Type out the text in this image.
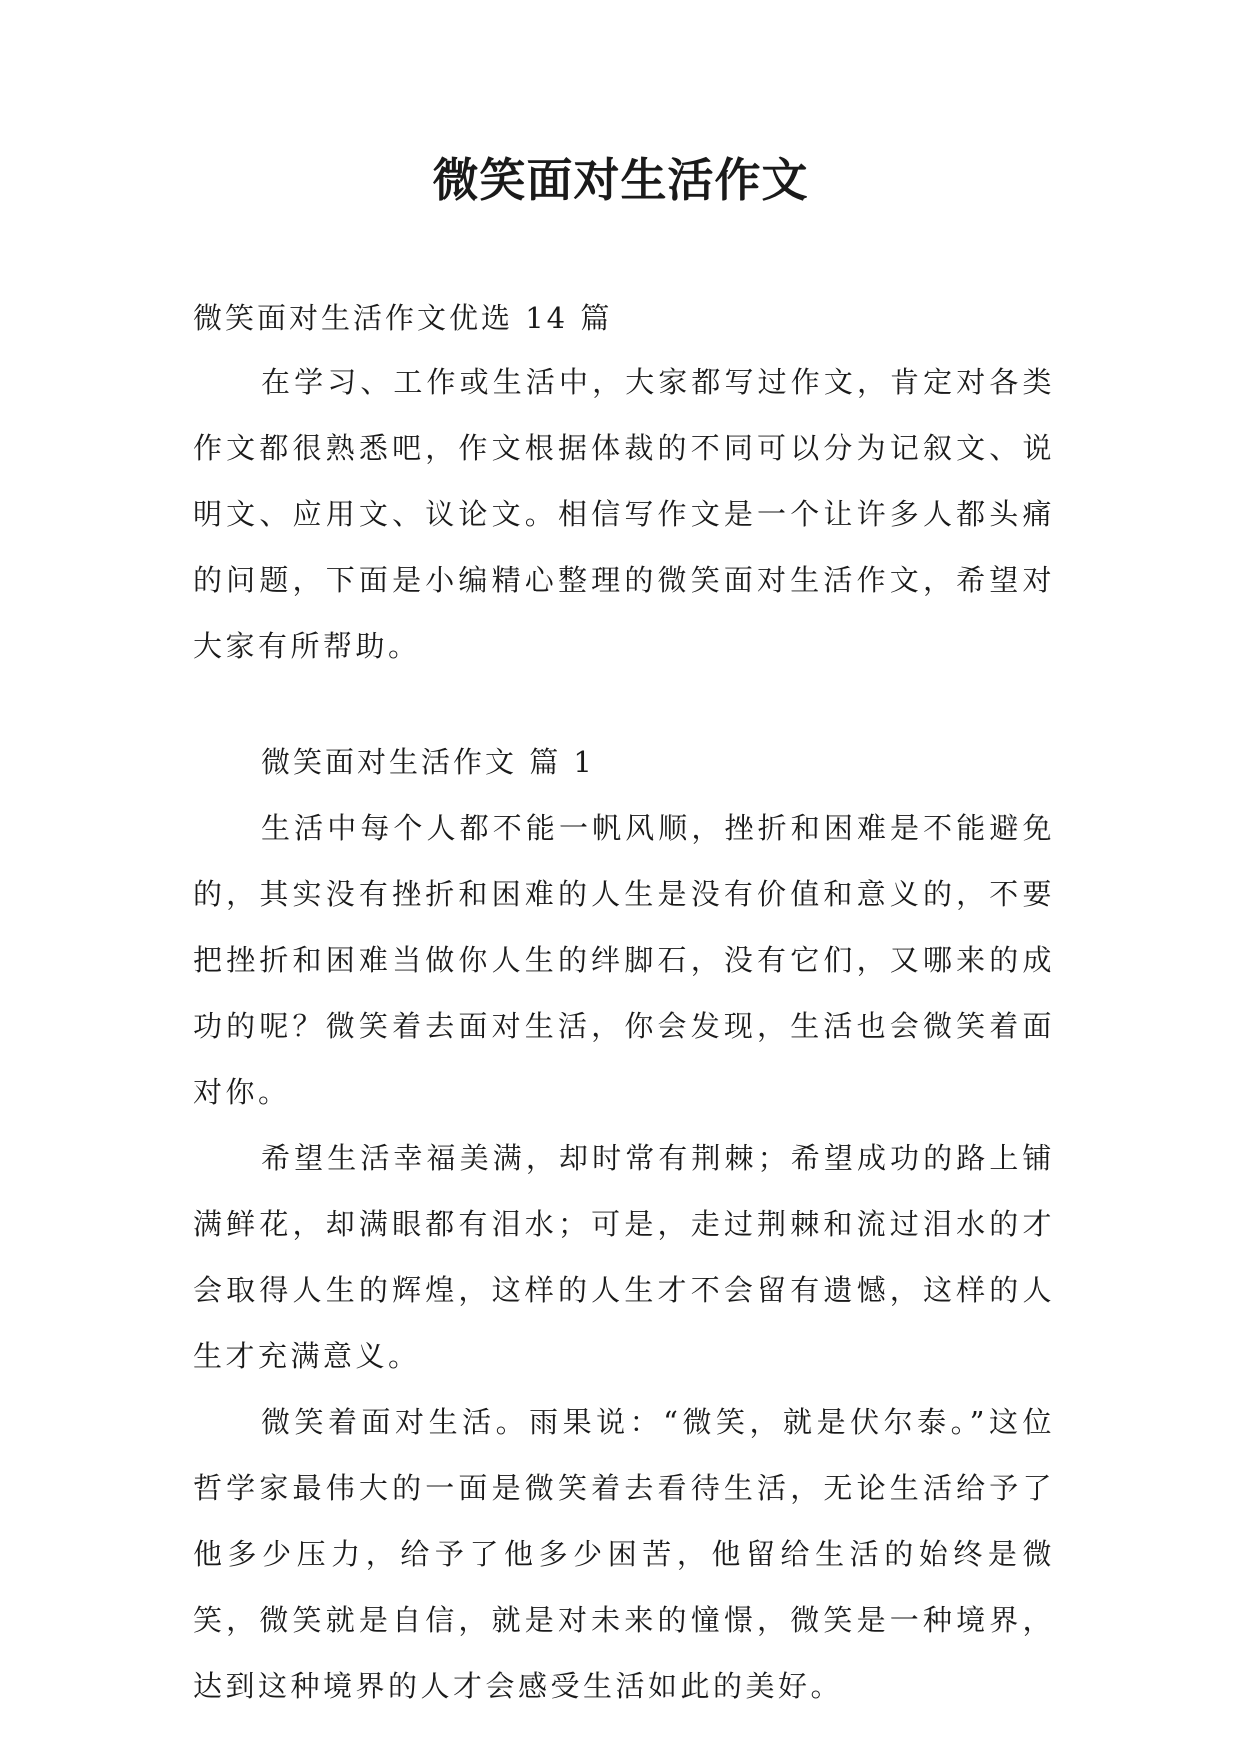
微笑面对生活作文

微笑面对生活作文优选 14 篇

在学习、工作或生活中，大家都写过作文，肯定对各类作文都很熟悉吧，作文根据体裁的不同可以分为记叙文、说明文、应用文、议论文。相信写作文是一个让许多人都头痛的问题，下面是小编精心整理的微笑面对生活作文，希望对大家有所帮助。

微笑面对生活作文 篇 1

生活中每个人都不能一帆风顺，挫折和困难是不能避免的，其实没有挫折和困难的人生是没有价值和意义的，不要把挫折和困难当做你人生的绊脚石，没有它们，又哪来的成功的呢？微笑着去面对生活，你会发现，生活也会微笑着面对你。

希望生活幸福美满，却时常有荆棘；希望成功的路上铺满鲜花，却满眼都有泪水；可是，走过荆棘和流过泪水的才会取得人生的辉煌，这样的人生才不会留有遗憾，这样的人生才充满意义。

微笑着面对生活。雨果说：“微笑，就是伏尔泰。”这位哲学家最伟大的一面是微笑着去看待生活，无论生活给予了他多少压力，给予了他多少困苦，他留给生活的始终是微笑，微笑就是自信，就是对未来的憧憬，微笑是一种境界，达到这种境界的人才会感受生活如此的美好。
